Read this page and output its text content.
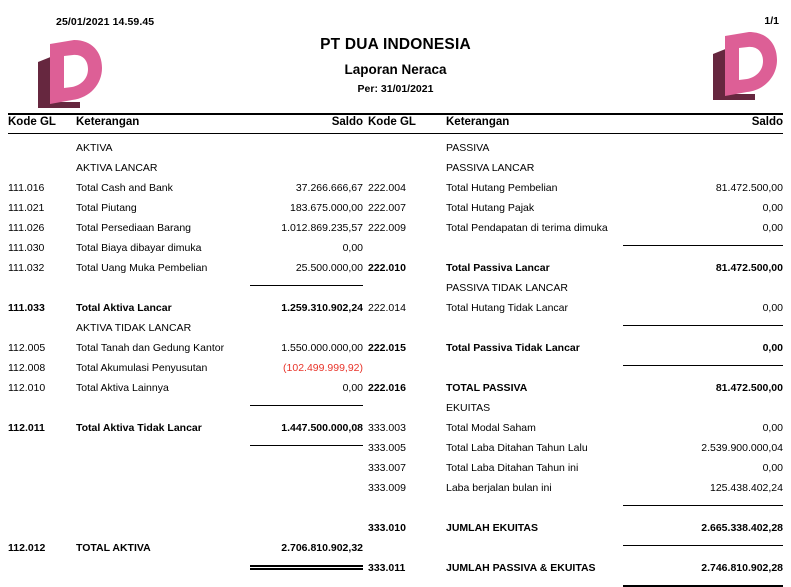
25/01/2021 14.59.45	1/1
PT DUA INDONESIA
Laporan Neraca
Per: 31/01/2021
Kode GL Keterangan	Saldo
AKTIVA
AKTIVA LANCAR
111.016	Total Cash and Bank	37.266.666,67
111.021	Total Piutang	183.675.000,00
111.026	Total Persediaan Barang	1.012.869.235,57
111.030	Total Biaya dibayar dimuka	0,00
111.032	Total Uang Muka Pembelian	25.500.000,00
111.033	Total Aktiva Lancar	1.259.310.902,24
AKTIVA TIDAK LANCAR
112.005	Total Tanah dan Gedung Kantor	1.550.000.000,00
112.008	Total Akumulasi Penyusutan	(102.499.999,92)
112.010	Total Aktiva Lainnya	0,00
112.011	Total Aktiva Tidak Lancar	1.447.500.000,08
112.012	TOTAL AKTIVA	2.706.810.902,32
Kode GL	Keterangan	Saldo
PASSIVA
PASSIVA LANCAR
222.004	Total Hutang Pembelian	81.472.500,00
222.007	Total Hutang Pajak	0,00
222.009	Total Pendapatan di terima dimuka	0,00
222.010	Total Passiva Lancar	81.472.500,00
PASSIVA TIDAK LANCAR
222.014	Total Hutang Tidak Lancar	0,00
222.015	Total Passiva Tidak Lancar	0,00
222.016	TOTAL PASSIVA	81.472.500,00
EKUITAS
333.003	Total Modal Saham	0,00
333.005	Total Laba Ditahan Tahun Lalu	2.539.900.000,04
333.007	Total Laba Ditahan Tahun ini	0,00
333.009	Laba berjalan bulan ini	125.438.402,24
333.010	JUMLAH EKUITAS	2.665.338.402,28
333.011	JUMLAH PASSIVA & EKUITAS	2.746.810.902,28
